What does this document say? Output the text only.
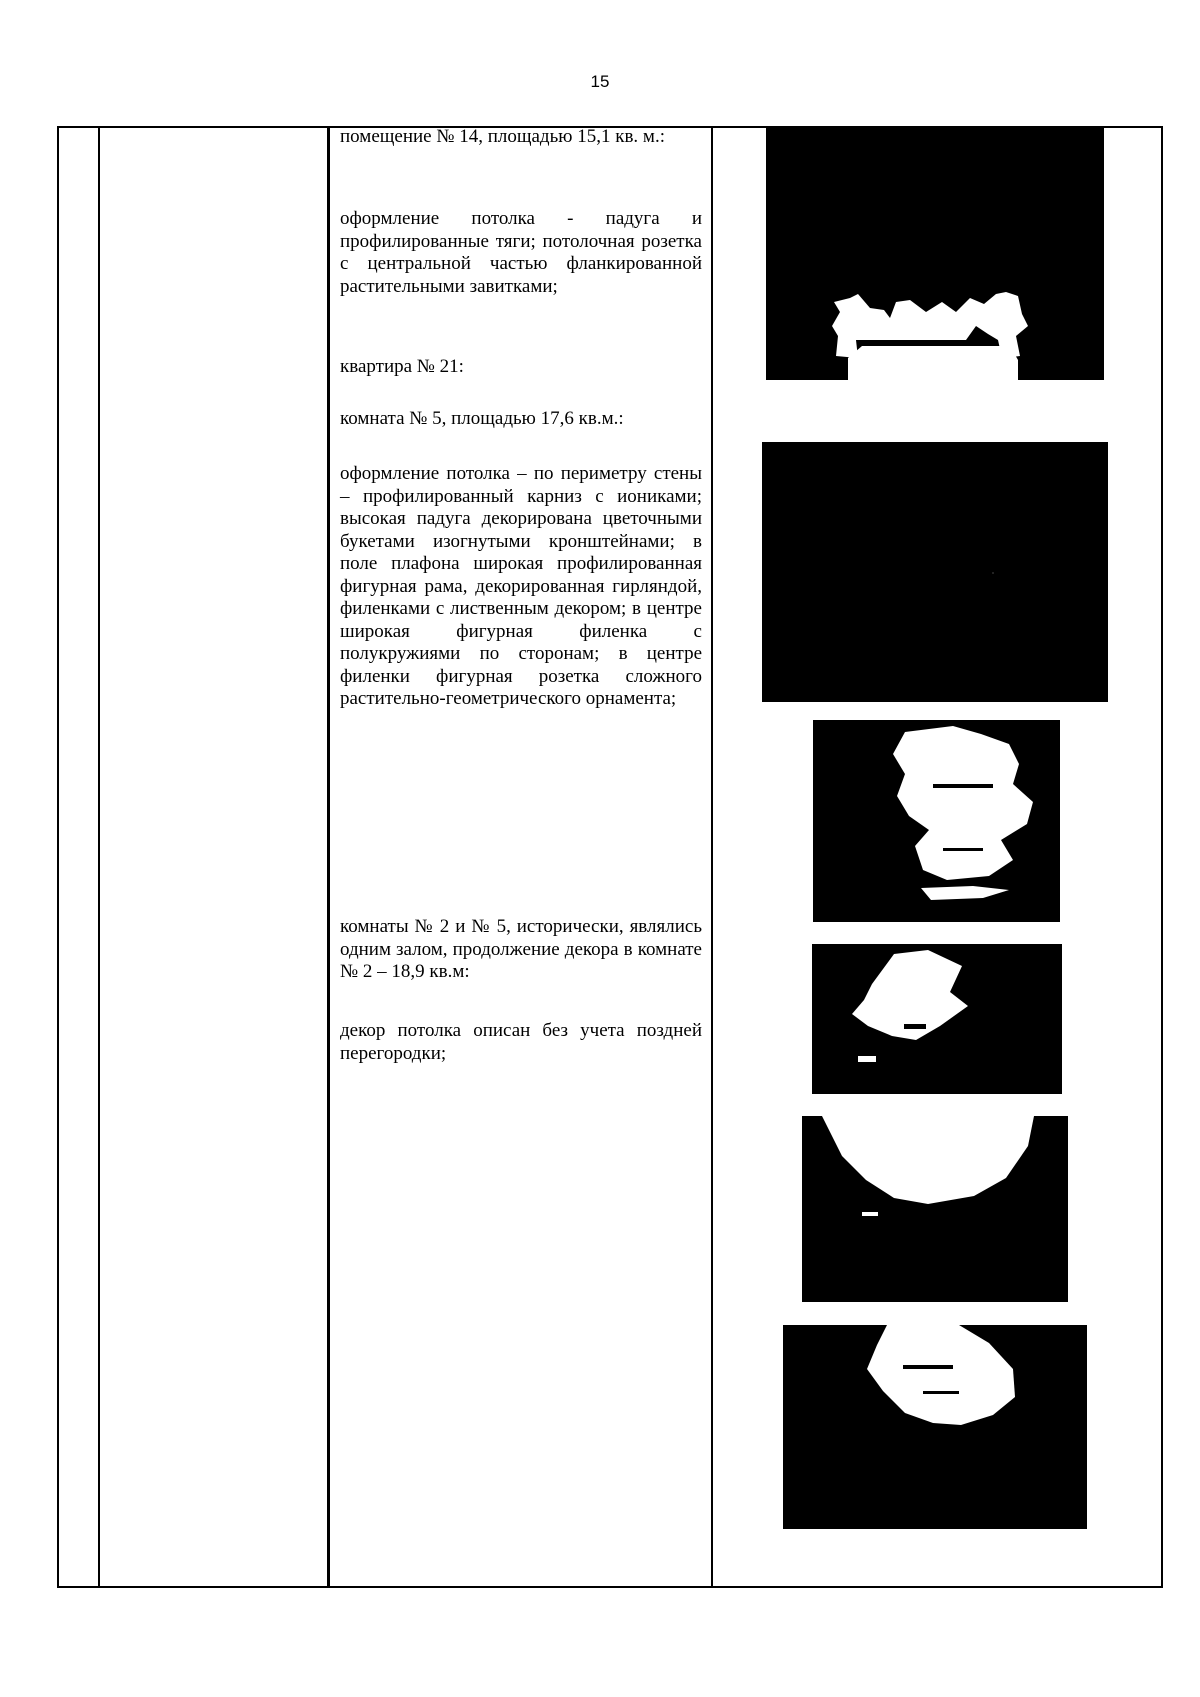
15

помещение № 14, площадью 15,1 кв. м.:

оформление потолка - падуга и профилированные тяги; потолочная розетка с центральной частью фланкированной растительными завитками;

квартира № 21:

комната № 5, площадью 17,6 кв.м.:

оформление потолка – по периметру стены – профилированный карниз с иониками; высокая падуга декорирована цветочными букетами изогнутыми кронштейнами; в поле плафона широкая профилированная фигурная рама, декорированная гирляндой, филенками с лиственным декором; в центре широкая фигурная филенка с полукружиями по сторонам; в центре филенки фигурная розетка сложного растительно-геометрического орнамента;

комнаты № 2 и № 5, исторически, являлись одним залом, продолжение декора в комнате № 2 – 18,9 кв.м:

декор потолка описан без учета поздней перегородки;
